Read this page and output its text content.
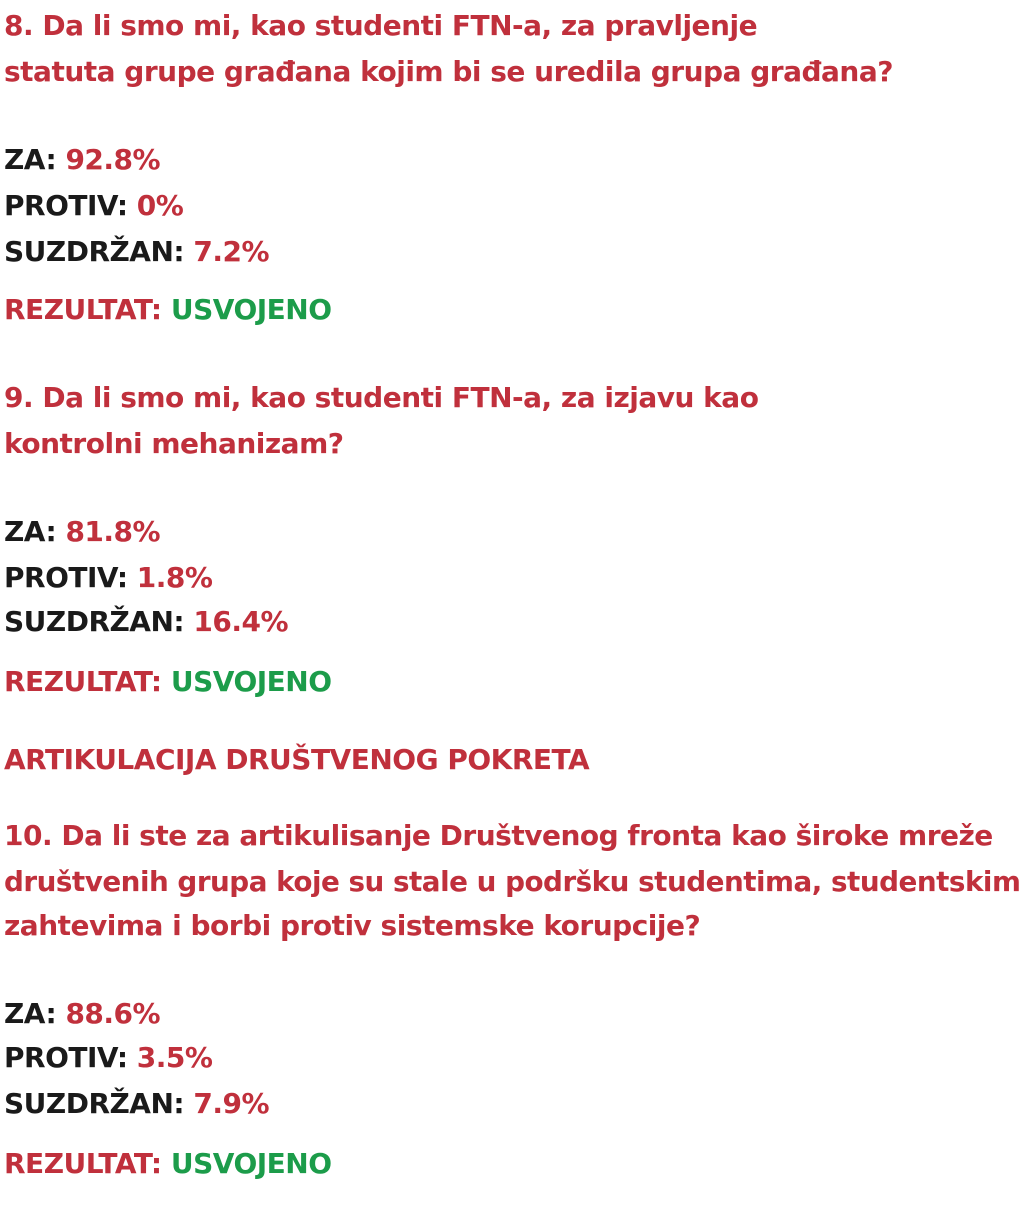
8. Da li smo mi, kao studenti FTN-a, za pravljenje
statuta grupe građana kojim bi se uredila grupa građana?
ZA: 92.8%
PROTIV: 0%
SUZDRŽAN: 7.2%
REZULTAT: USVOJENO
9. Da li smo mi, kao studenti FTN-a, za izjavu kao
kontrolni mehanizam?
ZA: 81.8%
PROTIV: 1.8%
SUZDRŽAN: 16.4%
REZULTAT: USVOJENO
ARTIKULACIJA DRUŠTVENOG POKRETA
10. Da li ste za artikulisanje Društvenog fronta kao široke mreže
društvenih grupa koje su stale u podršku studentima, studentskim
zahtevima i borbi protiv sistemske korupcije?
ZA: 88.6%
PROTIV: 3.5%
SUZDRŽAN: 7.9%
REZULTAT: USVOJENO
